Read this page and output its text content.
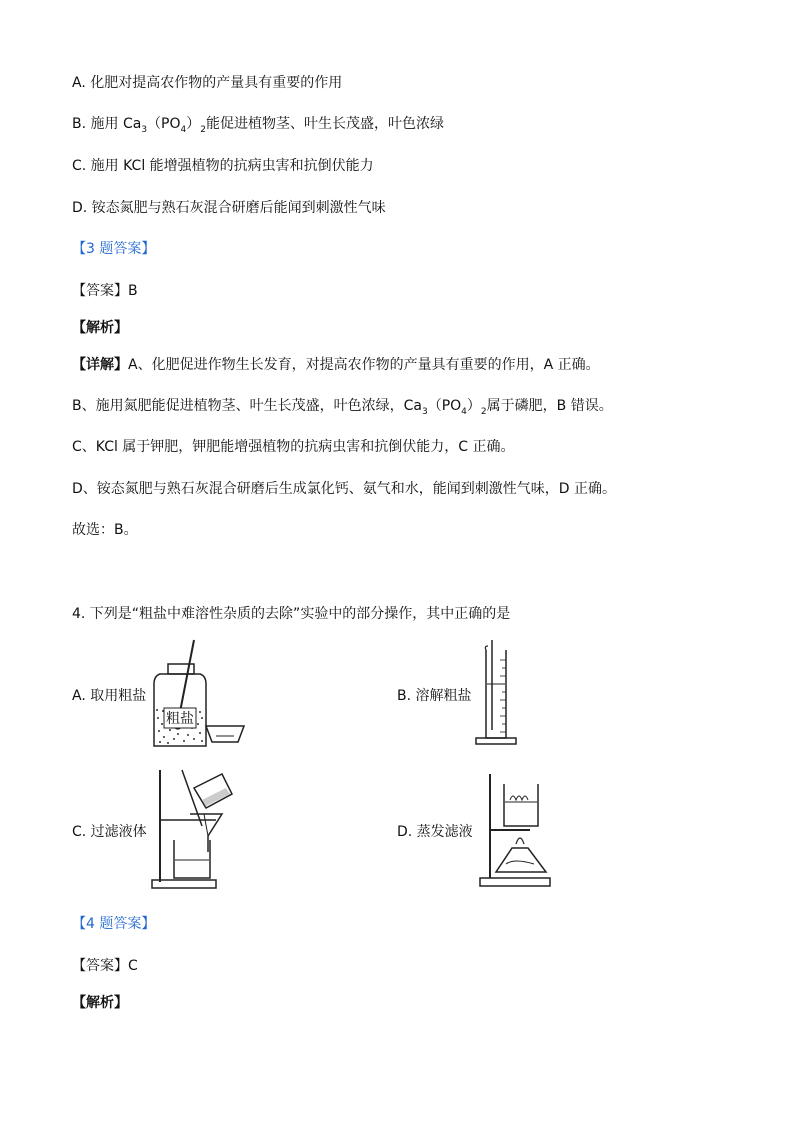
A. 化肥对提高农作物的产量具有重要的作用
B. 施用 $Ca_3(PO_4)_2$能促进植物茎、叶生长茂盛，叶色浓绿
C. 施用 KCl 能增强植物的抗病虫害和抗倒伏能力
D. 铵态氮肥与熟石灰混合研磨后能闻到刺激性气味
【3 题答案】
【答案】B
【解析】
【详解】A、化肥促进作物生长发育，对提高农作物的产量具有重要的作用，A 正确。
B、施用氮肥能促进植物茎、叶生长茂盛，叶色浓绿，$Ca_3(PO_4)_2$属于磷肥，B 错误。
C、KCl 属于钾肥，钾肥能增强植物的抗病虫害和抗倒伏能力，C 正确。
D、铵态氮肥与熟石灰混合研磨后生成氯化钙、氨气和水，能闻到刺激性气味，D 正确。
故选：B。
4. 下列是“粗盐中难溶性杂质的去除”实验中的部分操作，其中正确的是
A. 取用粗盐
粗盐
B. 溶解粗盐
C. 过滤液体	D. 蒸发滤液
【4 题答案】
【答案】C
【解析】
